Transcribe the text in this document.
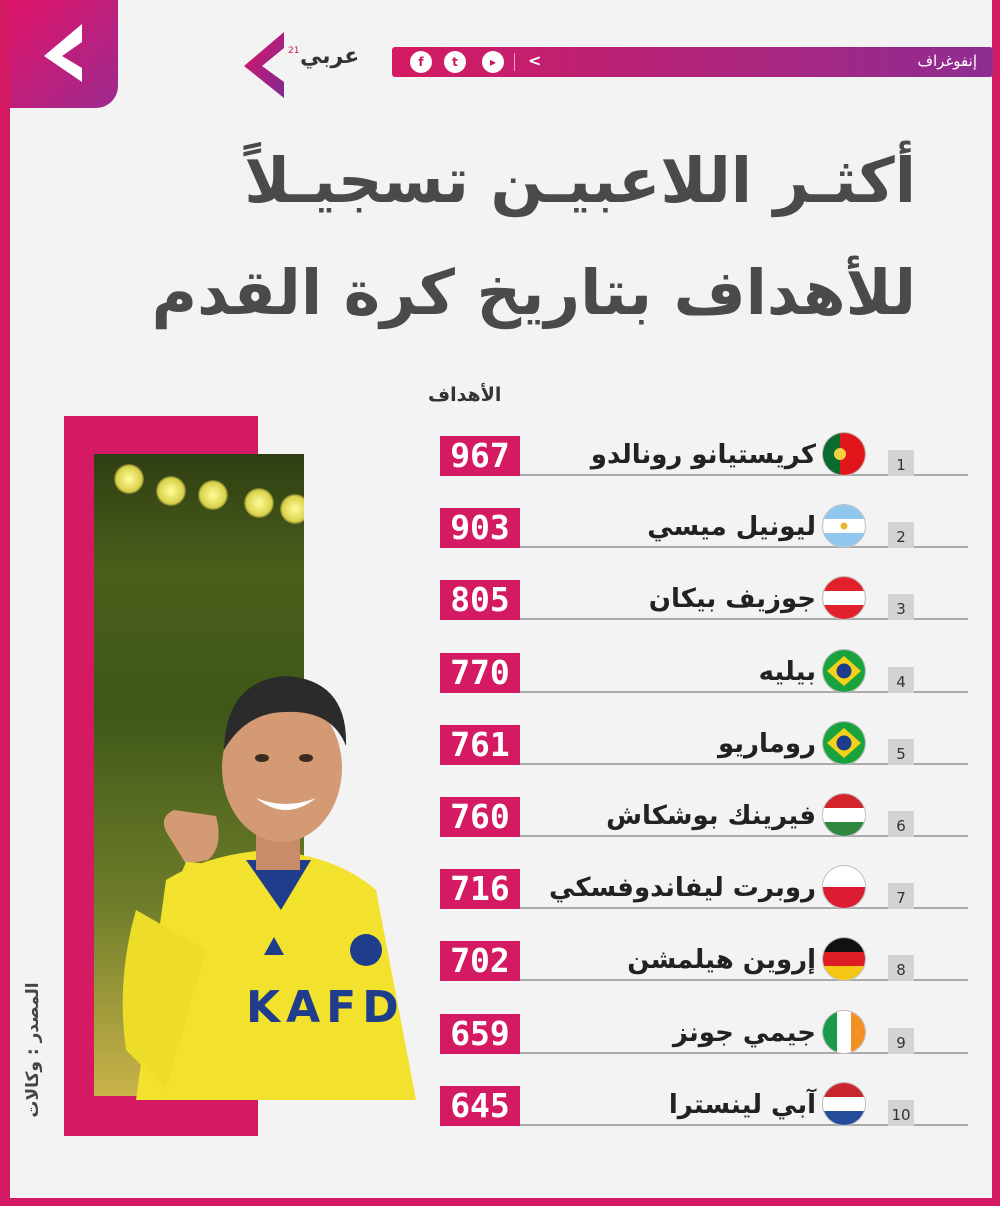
21 عربي	f	t	▸	<	إنفوغراف
أكثـر اللاعبيـن تسجيـلاً
للأهداف بتاريخ كرة القدم
KAFD
المصدر : وكالات
الأهداف
967	كريستيانو رونالدو	1
903	ليونيل ميسي	2
805	جوزيف بيكان	3
770	بيليه	4
761	روماريو	5
760	فيرينك بوشكاش	6
716	روبرت ليفاندوفسكي	7
702	إروين هيلمشن	8
659	جيمي جونز	9
645	آبي لينسترا	10
